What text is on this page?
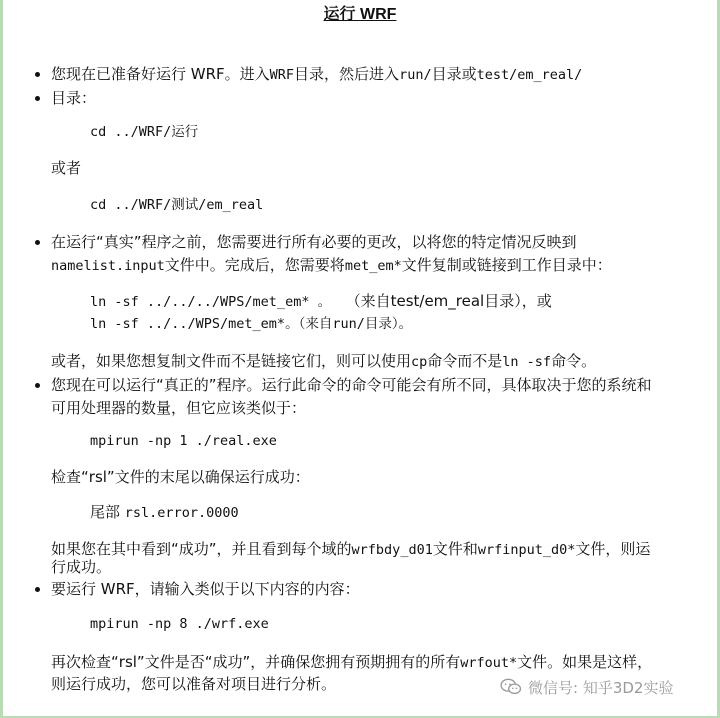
运行 WRF
您现在已准备好运行 WRF。进入WRF目录，然后进入run/目录或test/em_real/
目录：
cd ../WRF/运行
或者
cd ../WRF/测试/em_real
在运行“真实”程序之前，您需要进行所有必要的更改，以将您的特定情况反映到
namelist.input文件中。完成后，您需要将met_em*文件复制或链接到工作目录中：
ln -sf ../../../WPS/met_em* 。 （来自test/em_real目录），或
ln -sf ../../WPS/met_em*。（来自run/目录）。
或者，如果您想复制文件而不是链接它们，则可以使用cp命令而不是ln -sf命令。
您现在可以运行“真正的”程序。运行此命令的命令可能会有所不同，具体取决于您的系统和
可用处理器的数量，但它应该类似于：
mpirun -np 1 ./real.exe
检查“rsl”文件的末尾以确保运行成功：
尾部 rsl.error.0000
如果您在其中看到“成功”，并且看到每个域的wrfbdy_d01文件和wrfinput_d0*文件，则运
行成功。
要运行 WRF，请输入类似于以下内容的内容：
mpirun -np 8 ./wrf.exe
再次检查“rsl”文件是否“成功”，并确保您拥有预期拥有的所有wrfout*文件。如果是这样，
则运行成功，您可以准备对项目进行分析。	微信号: 知乎3D2实验
